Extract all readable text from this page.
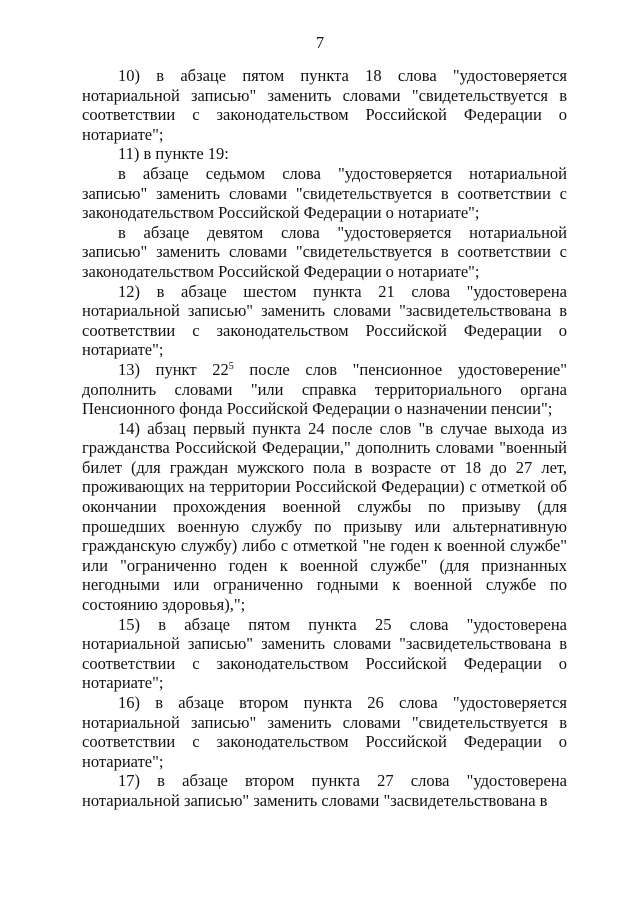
7

10) в абзаце пятом пункта 18 слова "удостоверяется нотариальной записью" заменить словами "свидетельствуется в соответствии с законодательством Российской Федерации о нотариате";

11) в пункте 19:

в абзаце седьмом слова "удостоверяется нотариальной записью" заменить словами "свидетельствуется в соответствии с законодательством Российской Федерации о нотариате";

в абзаце девятом слова "удостоверяется нотариальной записью" заменить словами "свидетельствуется в соответствии с законодательством Российской Федерации о нотариате";

12) в абзаце шестом пункта 21 слова "удостоверена нотариальной записью" заменить словами "засвидетельствована в соответствии с законодательством Российской Федерации о нотариате";

13) пункт $22^5$ после слов "пенсионное удостоверение" дополнить словами "или справка территориального органа Пенсионного фонда Российской Федерации о назначении пенсии";

14) абзац первый пункта 24 после слов "в случае выхода из гражданства Российской Федерации," дополнить словами "военный билет (для граждан мужского пола в возрасте от 18 до 27 лет, проживающих на территории Российской Федерации) с отметкой об окончании прохождения военной службы по призыву (для прошедших военную службу по призыву или альтернативную гражданскую службу) либо с отметкой "не годен к военной службе" или "ограниченно годен к военной службе" (для признанных негодными или ограниченно годными к военной службе по состоянию здоровья),";

15) в абзаце пятом пункта 25 слова "удостоверена нотариальной записью" заменить словами "засвидетельствована в соответствии с законодательством Российской Федерации о нотариате";

16) в абзаце втором пункта 26 слова "удостоверяется нотариальной записью" заменить словами "свидетельствуется в соответствии с законодательством Российской Федерации о нотариате";

17) в абзаце втором пункта 27 слова "удостоверена нотариальной записью" заменить словами "засвидетельствована в
